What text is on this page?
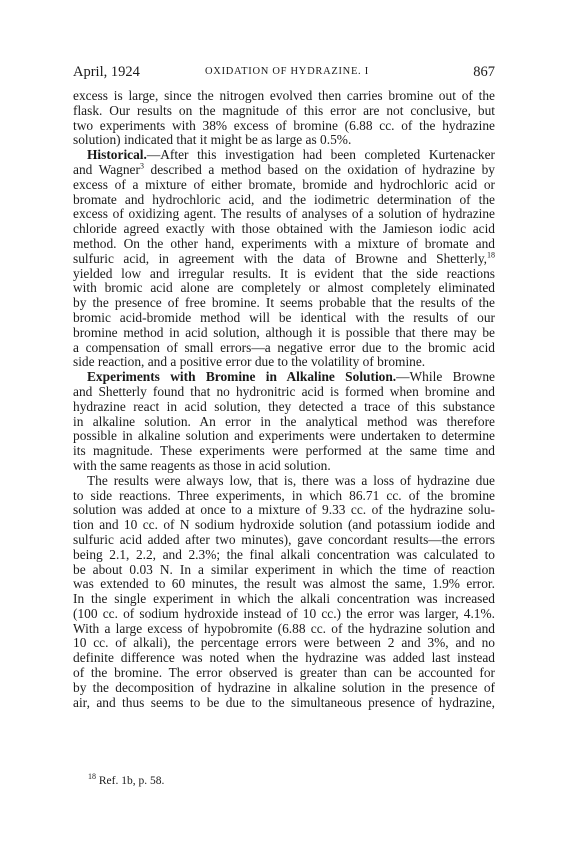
April, 1924	OXIDATION OF HYDRAZINE. I	867
excess is large, since the nitrogen evolved then carries bromine out of the
flask. Our results on the magnitude of this error are not conclusive, but
two experiments with 38% excess of bromine (6.88 cc. of the hydrazine
solution) indicated that it might be as large as 0.5%.
Historical.—After this investigation had been completed Kurtenacker
and Wagner$^3$ described a method based on the oxidation of hydrazine by
excess of a mixture of either bromate, bromide and hydrochloric acid or
bromate and hydrochloric acid, and the iodimetric determination of the
excess of oxidizing agent. The results of analyses of a solution of hydrazine
chloride agreed exactly with those obtained with the Jamieson iodic acid
method. On the other hand, experiments with a mixture of bromate and
sulfuric acid, in agreement with the data of Browne and Shetterly,$^{18}$
yielded low and irregular results. It is evident that the side reactions
with bromic acid alone are completely or almost completely eliminated
by the presence of free bromine. It seems probable that the results of the
bromic acid-bromide method will be identical with the results of our
bromine method in acid solution, although it is possible that there may be
a compensation of small errors—a negative error due to the bromic acid
side reaction, and a positive error due to the volatility of bromine.
Experiments with Bromine in Alkaline Solution.—While Browne
and Shetterly found that no hydronitric acid is formed when bromine and
hydrazine react in acid solution, they detected a trace of this substance
in alkaline solution. An error in the analytical method was therefore
possible in alkaline solution and experiments were undertaken to determine
its magnitude. These experiments were performed at the same time and
with the same reagents as those in acid solution.
The results were always low, that is, there was a loss of hydrazine due
to side reactions. Three experiments, in which 86.71 cc. of the bromine
solution was added at once to a mixture of 9.33 cc. of the hydrazine solu-
tion and 10 cc. of N sodium hydroxide solution (and potassium iodide and
sulfuric acid added after two minutes), gave concordant results—the errors
being 2.1, 2.2, and 2.3%; the final alkali concentration was calculated to
be about 0.03 N. In a similar experiment in which the time of reaction
was extended to 60 minutes, the result was almost the same, 1.9% error.
In the single experiment in which the alkali concentration was increased
(100 cc. of sodium hydroxide instead of 10 cc.) the error was larger, 4.1%.
With a large excess of hypobromite (6.88 cc. of the hydrazine solution and
10 cc. of alkali), the percentage errors were between 2 and 3%, and no
definite difference was noted when the hydrazine was added last instead
of the bromine. The error observed is greater than can be accounted for
by the decomposition of hydrazine in alkaline solution in the presence of
air, and thus seems to be due to the simultaneous presence of hydrazine,
$^{18}$ Ref. 1b, p. 58.
